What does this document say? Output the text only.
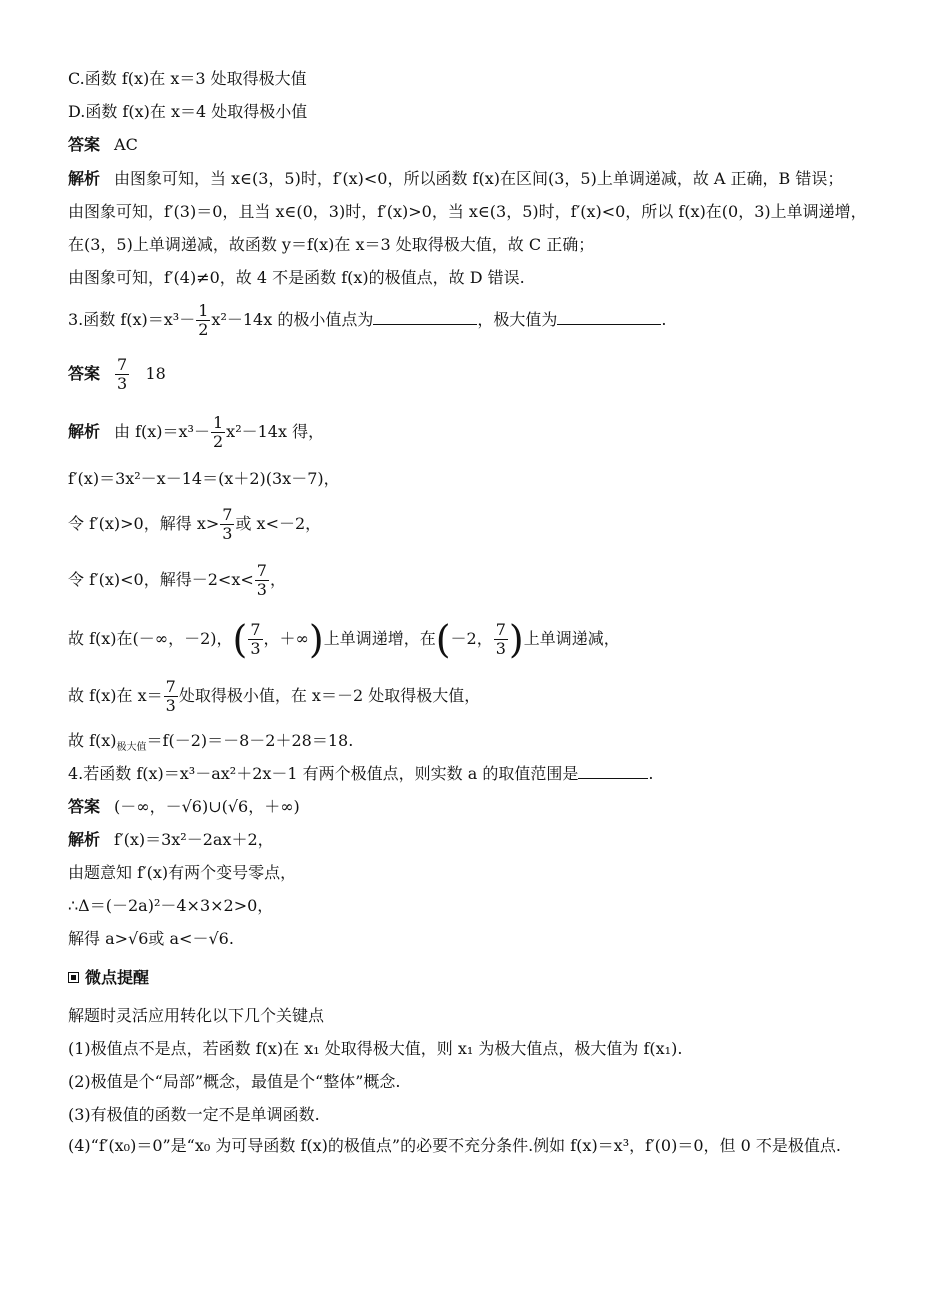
C.函数 f(x)在 x＝3 处取得极大值
D.函数 f(x)在 x＝4 处取得极小值
答案 AC
解析 由图象可知，当 x∈(3，5)时，f′(x)<0，所以函数 f(x)在区间(3，5)上单调递减，故 A 正确，B 错误；
由图象可知，f′(3)＝0，且当 x∈(0，3)时，f′(x)>0，当 x∈(3，5)时，f′(x)<0，所以 f(x)在(0，3)上单调递增，
在(3，5)上单调递减，故函数 y＝f(x)在 x＝3 处取得极大值，故 C 正确；
由图象可知，f′(4)≠0，故 4 不是函数 f(x)的极值点，故 D 错误.
3.函数 $f(x)=x^3- \frac{1}{2} x^2-14x$ 的极小值点为	，极大值为	.
答案 $\frac{7}{3} 18$
解析 由 $f(x)=x^3- \frac{1}{2} x^2-14x$ 得，
f′(x)＝3x²－x－14＝(x＋2)(3x－7)，
令 f′(x)>0，解得 $x> \frac{7}{3}$ 或 x<－2，
令 f′(x)<0，解得$-2<x< \frac{7}{3}$ ，
故 f(x)在(－∞，－2)，( $\frac{7}{3}$ ，＋∞)上单调递增，在(－2， $\frac{7}{3}$ )上单调递减，
故 f(x)在 $x= \frac{7}{3}$ 处取得极小值，在 x＝－2 处取得极大值，
故 $f(x)_{极大值}=f(-2)=-8-2+28=18$.
4.若函数 f(x)＝x³－ax²＋2x－1 有两个极值点，则实数 a 的取值范围是	.
答案 (－∞，－√6)∪(√6，＋∞)
解析 f′(x)＝3x²－2ax＋2，
由题意知 f′(x)有两个变号零点，
∴Δ＝(－2a)²－4×3×2>0，
解得 a>√6或 a<－√6.
微点提醒
解题时灵活应用转化以下几个关键点
(1)极值点不是点，若函数 f(x)在 x₁ 处取得极大值，则 x₁ 为极大值点，极大值为 f(x₁).
(2)极值是个“局部”概念，最值是个“整体”概念.
(3)有极值的函数一定不是单调函数.
(4)“f′(x₀)＝0”是“x₀ 为可导函数 f(x)的极值点”的必要不充分条件.例如 f(x)＝x³，f′(0)＝0，但 0 不是极值点.
